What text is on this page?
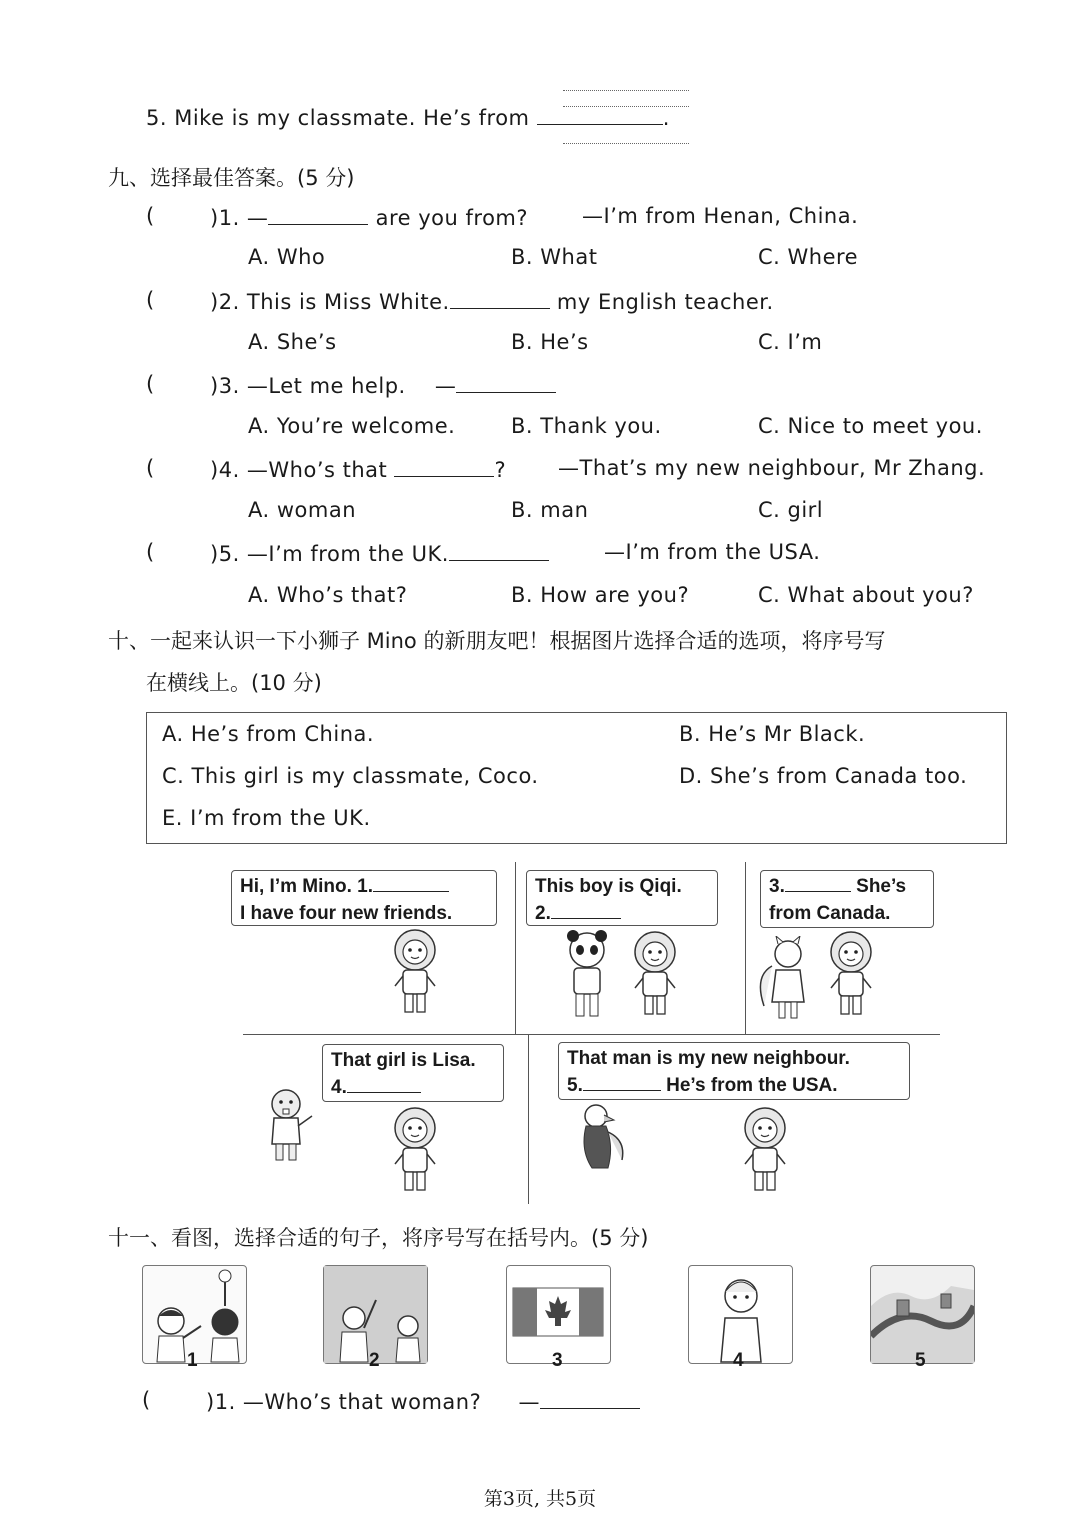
5. Mike is my classmate. He’s from	.
九、选择最佳答案。(5 分)
(	)1. —	are you from?	—I’m from Henan, China.
A. Who	B. What	C. Where
(	)2. This is Miss White.	my English teacher.
A. She’s	B. He’s	C. I’m
(	)3. —Let me help. —
A. You’re welcome.	B. Thank you.	C. Nice to meet you.
(	)4. —Who’s that	? —That’s my new neighbour, Mr Zhang.
A. woman	B. man	C. girl
(	)5. —I’m from the UK.	—I’m from the USA.
A. Who’s that?	B. How are you?	C. What about you?
十、一起来认识一下小狮子 Mino 的新朋友吧！根据图片选择合适的选项，将序号写
在横线上。(10 分)
A. He’s from China.	B. He’s Mr Black.
C. This girl is my classmate, Coco.	D. She’s from Canada too.
E. I’m from the UK.
Hi, I’m Mino. 1.
I have four new friends.
This boy is Qiqi.
2.
3.	She’s
from Canada.
That girl is Lisa.
4.
That man is my new neighbour.
5.	He’s from the USA.
十一、看图，选择合适的句子，将序号写在括号内。(5 分)
1	2	3	4	5
(	)1. —Who’s that woman? —
第3页, 共5页
